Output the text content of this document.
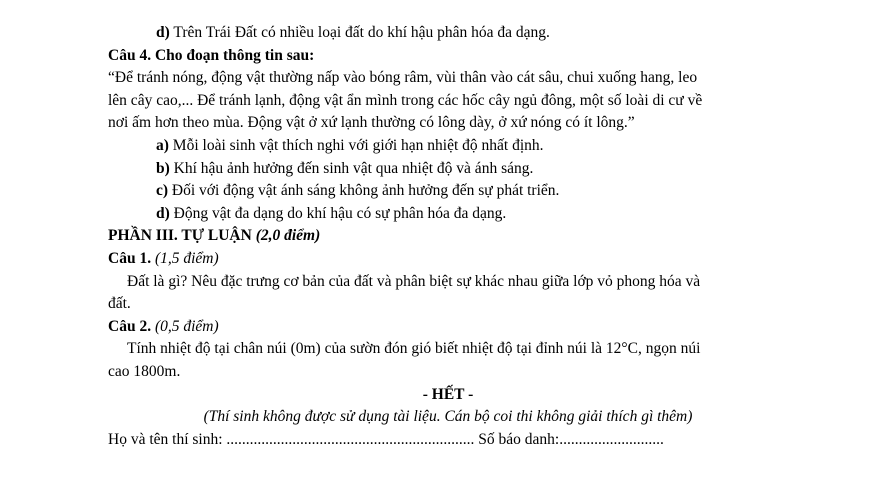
d) Trên Trái Đất có nhiều loại đất do khí hậu phân hóa đa dạng.
Câu 4. Cho đoạn thông tin sau:
“Để tránh nóng, động vật thường nấp vào bóng râm, vùi thân vào cát sâu, chui xuống hang, leo
lên cây cao,... Để tránh lạnh, động vật ẩn mình trong các hốc cây ngủ đông, một số loài di cư về
nơi ấm hơn theo mùa. Động vật ở xứ lạnh thường có lông dày, ở xứ nóng có ít lông.”
a) Mỗi loài sinh vật thích nghi với giới hạn nhiệt độ nhất định.
b) Khí hậu ảnh hưởng đến sinh vật qua nhiệt độ và ánh sáng.
c) Đối với động vật ánh sáng không ảnh hưởng đến sự phát triển.
d) Động vật đa dạng do khí hậu có sự phân hóa đa dạng.
PHẦN III. TỰ LUẬN (2,0 điểm)
Câu 1. (1,5 điểm)
Đất là gì? Nêu đặc trưng cơ bản của đất và phân biệt sự khác nhau giữa lớp vỏ phong hóa và
đất.
Câu 2. (0,5 điểm)
Tính nhiệt độ tại chân núi (0m) của sườn đón gió biết nhiệt độ tại đỉnh núi là 12°C, ngọn núi
cao 1800m.
- HẾT -
(Thí sinh không được sử dụng tài liệu. Cán bộ coi thi không giải thích gì thêm)
Họ và tên thí sinh: ................................................................ Số báo danh:...........................
